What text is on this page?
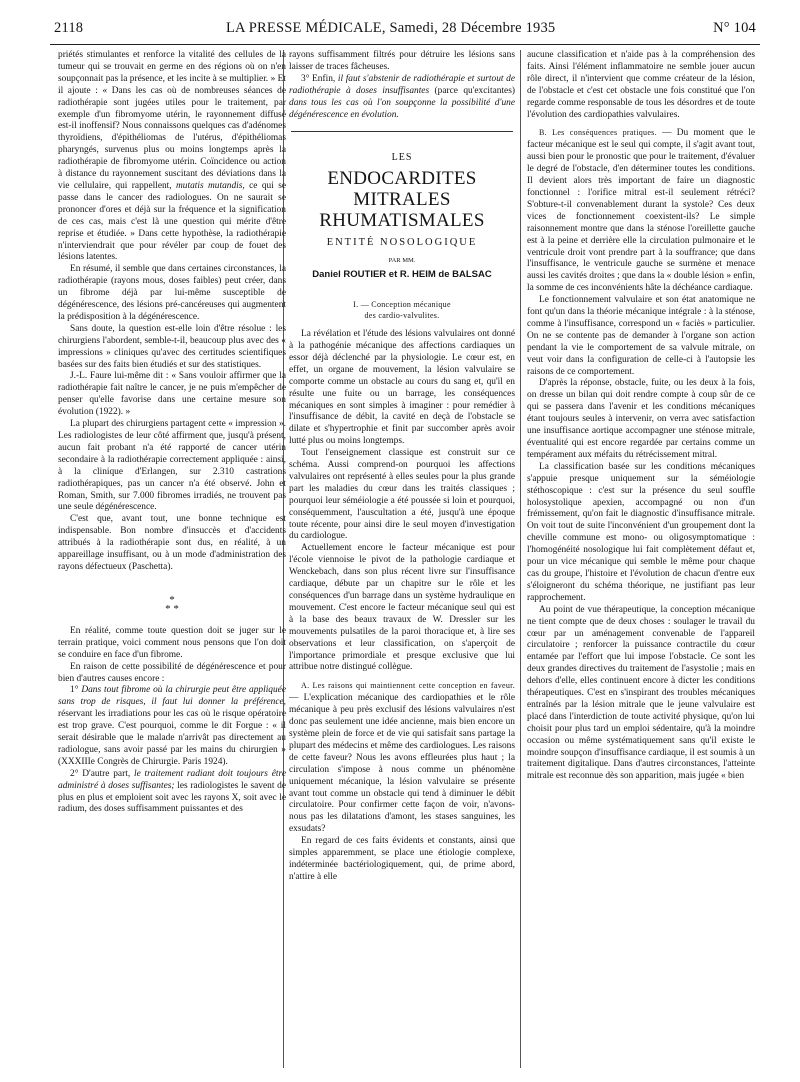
2118	LA PRESSE MÉDICALE, Samedi, 28 Décembre 1935	N° 104

priétés stimulantes et renforce la vitalité des cellules de la tumeur qui se trouvait en germe en des régions où on n'en soupçonnait pas la présence, et les incite à se multiplier. » Et il ajoute : « Dans les cas où de nombreuses séances de radiothérapie sont jugées utiles pour le traitement, par exemple d'un fibromyome utérin, le rayonnement diffusé est-il inoffensif? Nous connaissons quelques cas d'adénomes thyroïdiens, d'épithéliomas de l'utérus, d'épithéliomas pharyngés, survenus plus ou moins longtemps après la radiothérapie de fibromyome utérin. Coïncidence ou action à distance du rayonnement suscitant des déviations dans la vie cellulaire, qui rappellent, mutatis mutandis, ce qui se passe dans le cancer des radiologues. On ne saurait se prononcer d'ores et déjà sur la fréquence et la signification de ces cas, mais c'est là une question qui mérite d'être reprise et étudiée. » Dans cette hypothèse, la radiothérapie n'interviendrait que pour révéler par coup de fouet des lésions latentes.

En résumé, il semble que dans certaines circonstances, la radiothérapie (rayons mous, doses faibles) peut créer, dans un fibrome déjà par lui-même susceptible de dégénérescence, des lésions pré-cancéreuses qui augmentent la prédisposition à la dégénérescence.

Sans doute, la question est-elle loin d'être résolue : les chirurgiens l'abordent, semble-t-il, beaucoup plus avec des « impressions » cliniques qu'avec des certitudes scientifiques basées sur des faits bien étudiés et sur des statistiques.

J.-L. Faure lui-même dit : « Sans vouloir affirmer que la radiothérapie fait naître le cancer, je ne puis m'empêcher de penser qu'elle favorise dans une certaine mesure son évolution (1922). »

La plupart des chirurgiens partagent cette « impression ». Les radiologistes de leur côté affirment que, jusqu'à présent, aucun fait probant n'a été rapporté de cancer utérin secondaire à la radiothérapie correctement appliquée : ainsi, à la clinique d'Erlangen, sur 2.310 castrations radiothérapiques, pas un cancer n'a été observé. John et Roman, Smith, sur 7.000 fibromes irradiés, ne trouvent pas une seule dégénérescence.

C'est que, avant tout, une bonne technique est indispensable. Bon nombre d'insuccès et d'accidents attribués à la radiothérapie sont dus, en réalité, à un appareillage insuffisant, ou à un mode d'administration des rayons défectueux (Paschetta).

*
* *

En réalité, comme toute question doit se juger sur le terrain pratique, voici comment nous pensons que l'on doit se conduire en face d'un fibrome.

En raison de cette possibilité de dégénérescence et pour bien d'autres causes encore :

1° Dans tout fibrome où la chirurgie peut être appliquée sans trop de risques, il faut lui donner la préférence, réservant les irradiations pour les cas où le risque opératoire est trop grave. C'est pourquoi, comme le dit Forgue : « il serait désirable que le malade n'arrivât pas directement au radiologue, sans avoir passé par les mains du chirurgien » (XXXIIIe Congrès de Chirurgie. Paris 1924).

2° D'autre part, le traitement radiant doit toujours être administré à doses suffisantes; les radiologistes le savent de plus en plus et emploient soit avec les rayons X, soit avec le radium, des doses suffisamment puissantes et des

rayons suffisamment filtrés pour détruire les lésions sans laisser de traces fâcheuses.

3° Enfin, il faut s'abstenir de radiothérapie et surtout de radiothérapie à doses insuffisantes (parce qu'excitantes) dans tous les cas où l'on soupçonne la possibilité d'une dégénérescence en évolution.

LES
ENDOCARDITES MITRALES
RHUMATISMALES
ENTITÉ NOSOLOGIQUE
PAR MM.
Daniel ROUTIER et R. HEIM de BALSAC
I. — Conception mécanique
des cardio-valvulites.

La révélation et l'étude des lésions valvulaires ont donné à la pathogénie mécanique des affections cardiaques un essor déjà déclenché par la physiologie. Le cœur est, en effet, un organe de mouvement, la lésion valvulaire se comporte comme un obstacle au cours du sang et, qu'il en résulte une fuite ou un barrage, les conséquences mécaniques en sont simples à imaginer : pour remédier à l'insuffisance de débit, la cavité en deçà de l'obstacle se dilate et s'hypertrophie et finit par succomber après avoir lutté plus ou moins longtemps.

Tout l'enseignement classique est construit sur ce schéma. Aussi comprend-on pourquoi les affections valvulaires ont représenté à elles seules pour la plus grande part les maladies du cœur dans les traités classiques ; pourquoi leur séméiologie a été poussée si loin et pourquoi, conséquemment, l'auscultation a été, jusqu'à une époque toute récente, pour ainsi dire le seul moyen d'investigation du cardiologue.

Actuellement encore le facteur mécanique est pour l'école viennoise le pivot de la pathologie cardiaque et Wenckebach, dans son plus récent livre sur l'insuffisance cardiaque, débute par un chapitre sur le rôle et les conséquences d'un barrage dans un système hydraulique en mouvement. C'est encore le facteur mécanique seul qui est à la base des beaux travaux de W. Dressler sur les mouvements pulsatiles de la paroi thoracique et, à lire ses observations et leur classification, on s'aperçoit de l'importance primordiale et presque exclusive que lui attribue notre distingué collègue.

A. Les raisons qui maintiennent cette conception en faveur. — L'explication mécanique des cardiopathies et le rôle mécanique à peu près exclusif des lésions valvulaires n'est donc pas seulement une idée ancienne, mais bien encore un système plein de force et de vie qui satisfait sans partage la plupart des médecins et même des cardiologues. Les raisons de cette faveur? Nous les avons effleurées plus haut ; la circulation s'impose à nous comme un phénomène uniquement mécanique, la lésion valvulaire se présente avant tout comme un obstacle qui tend à diminuer le débit circulatoire. Pour confirmer cette façon de voir, n'avons-nous pas les dilatations d'amont, les stases sanguines, les exsudats?

En regard de ces faits évidents et constants, ainsi que simples apparemment, se place une étiologie complexe, indéterminée bactériologiquement, qui, de prime abord, n'attire à elle

aucune classification et n'aide pas à la compréhension des faits. Ainsi l'élément inflammatoire ne semble jouer aucun rôle direct, il n'intervient que comme créateur de la lésion, de l'obstacle et c'est cet obstacle une fois constitué que l'on regarde comme responsable de tous les désordres et de toute l'évolution des cardiopathies valvulaires.

B. Les conséquences pratiques. — Du moment que le facteur mécanique est le seul qui compte, il s'agit avant tout, aussi bien pour le pronostic que pour le traitement, d'évaluer le degré de l'obstacle, d'en déterminer toutes les conditions. Il devient alors très important de faire un diagnostic fonctionnel : l'orifice mitral est-il seulement rétréci? S'obture-t-il convenablement durant la systole? Ces deux vices de fonctionnement coexistent-ils? Le simple raisonnement montre que dans la sténose l'oreillette gauche est à la peine et derrière elle la circulation pulmonaire et le ventricule droit vont prendre part à la souffrance; que dans l'insuffisance, le ventricule gauche se surmène et menace aussi les cavités droites ; que dans la « double lésion » enfin, la somme de ces inconvénients hâte la déchéance cardiaque.

Le fonctionnement valvulaire et son état anatomique ne font qu'un dans la théorie mécanique intégrale : à la sténose, comme à l'insuffisance, correspond un « faciès » particulier. On ne se contente pas de demander à l'organe son action pendant la vie le comportement de sa valvule mitrale, on veut voir dans la configuration de celle-ci à l'autopsie les raisons de ce comportement.

D'après la réponse, obstacle, fuite, ou les deux à la fois, on dresse un bilan qui doit rendre compte à coup sûr de ce qui se passera dans l'avenir et les conditions mécaniques étant toujours seules à intervenir, on verra avec satisfaction une insuffisance aortique accompagner une sténose mitrale, éventualité qui est encore regardée par certains comme un tempérament aux méfaits du rétrécissement mitral.

La classification basée sur les conditions mécaniques s'appuie presque uniquement sur la séméiologie stéthoscopique : c'est sur la présence du seul souffle holosystolique apexien, accompagné ou non d'un frémissement, qu'on fait le diagnostic d'insuffisance mitrale. On voit tout de suite l'inconvénient d'un groupement dont la cheville commune est mono- ou oligosymptomatique : l'homogénéité nosologique lui fait complètement défaut et, pour un vice mécanique qui semble le même pour chaque cas du groupe, l'histoire et l'évolution de chacun d'entre eux s'éloigneront du schéma théorique, ne justifiant pas leur rapprochement.

Au point de vue thérapeutique, la conception mécanique ne tient compte que de deux choses : soulager le travail du cœur par un aménagement convenable de l'appareil circulatoire ; renforcer la puissance contractile du cœur entamée par l'effort que lui impose l'obstacle. Ce sont les deux grandes directives du traitement de l'asystolie ; mais en dehors d'elle, elles continuent encore à dicter les conditions thérapeutiques. C'est en s'inspirant des troubles mécaniques entraînés par la lésion mitrale que le jeune valvulaire est placé dans l'interdiction de toute activité physique, qu'on lui choisit pour plus tard un emploi sédentaire, qu'à la moindre occasion ou même systématiquement sans qu'il existe le moindre soupçon d'insuffisance cardiaque, il est soumis à un traitement digitalique. Dans d'autres circonstances, l'atteinte mitrale est reconnue dès son apparition, mais jugée « bien
